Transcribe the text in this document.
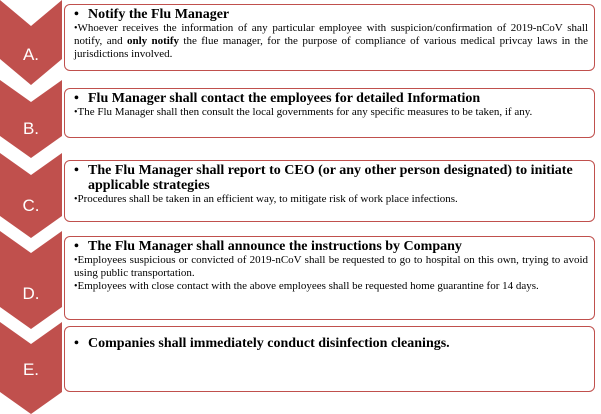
A.

• Notify the Flu Manager

•Whoever receives the information of any particular employee with suspicion/confirmation of 2019-nCoV shall notify, and only notify the flue manager, for the purpose of compliance of various medical privcay laws in the jurisdictions involved.

B.

• Flu Manager shall contact the employees for detailed Information

•The Flu Manager shall then consult the local governments for any specific measures to be taken, if any.

C.

• The Flu Manager shall report to CEO (or any other person designated) to initiate applicable strategies

•Procedures shall be taken in an efficient way, to mitigate risk of work place infections.

D.

• The Flu Manager shall announce the instructions by Company

•Employees suspicious or convicted of 2019-nCoV shall be requested to go to hospital on this own, trying to avoid using public transportation.

•Employees with close contact with the above employees shall be requested home guarantine for 14 days.

E.

• Companies shall immediately conduct disinfection cleanings.
